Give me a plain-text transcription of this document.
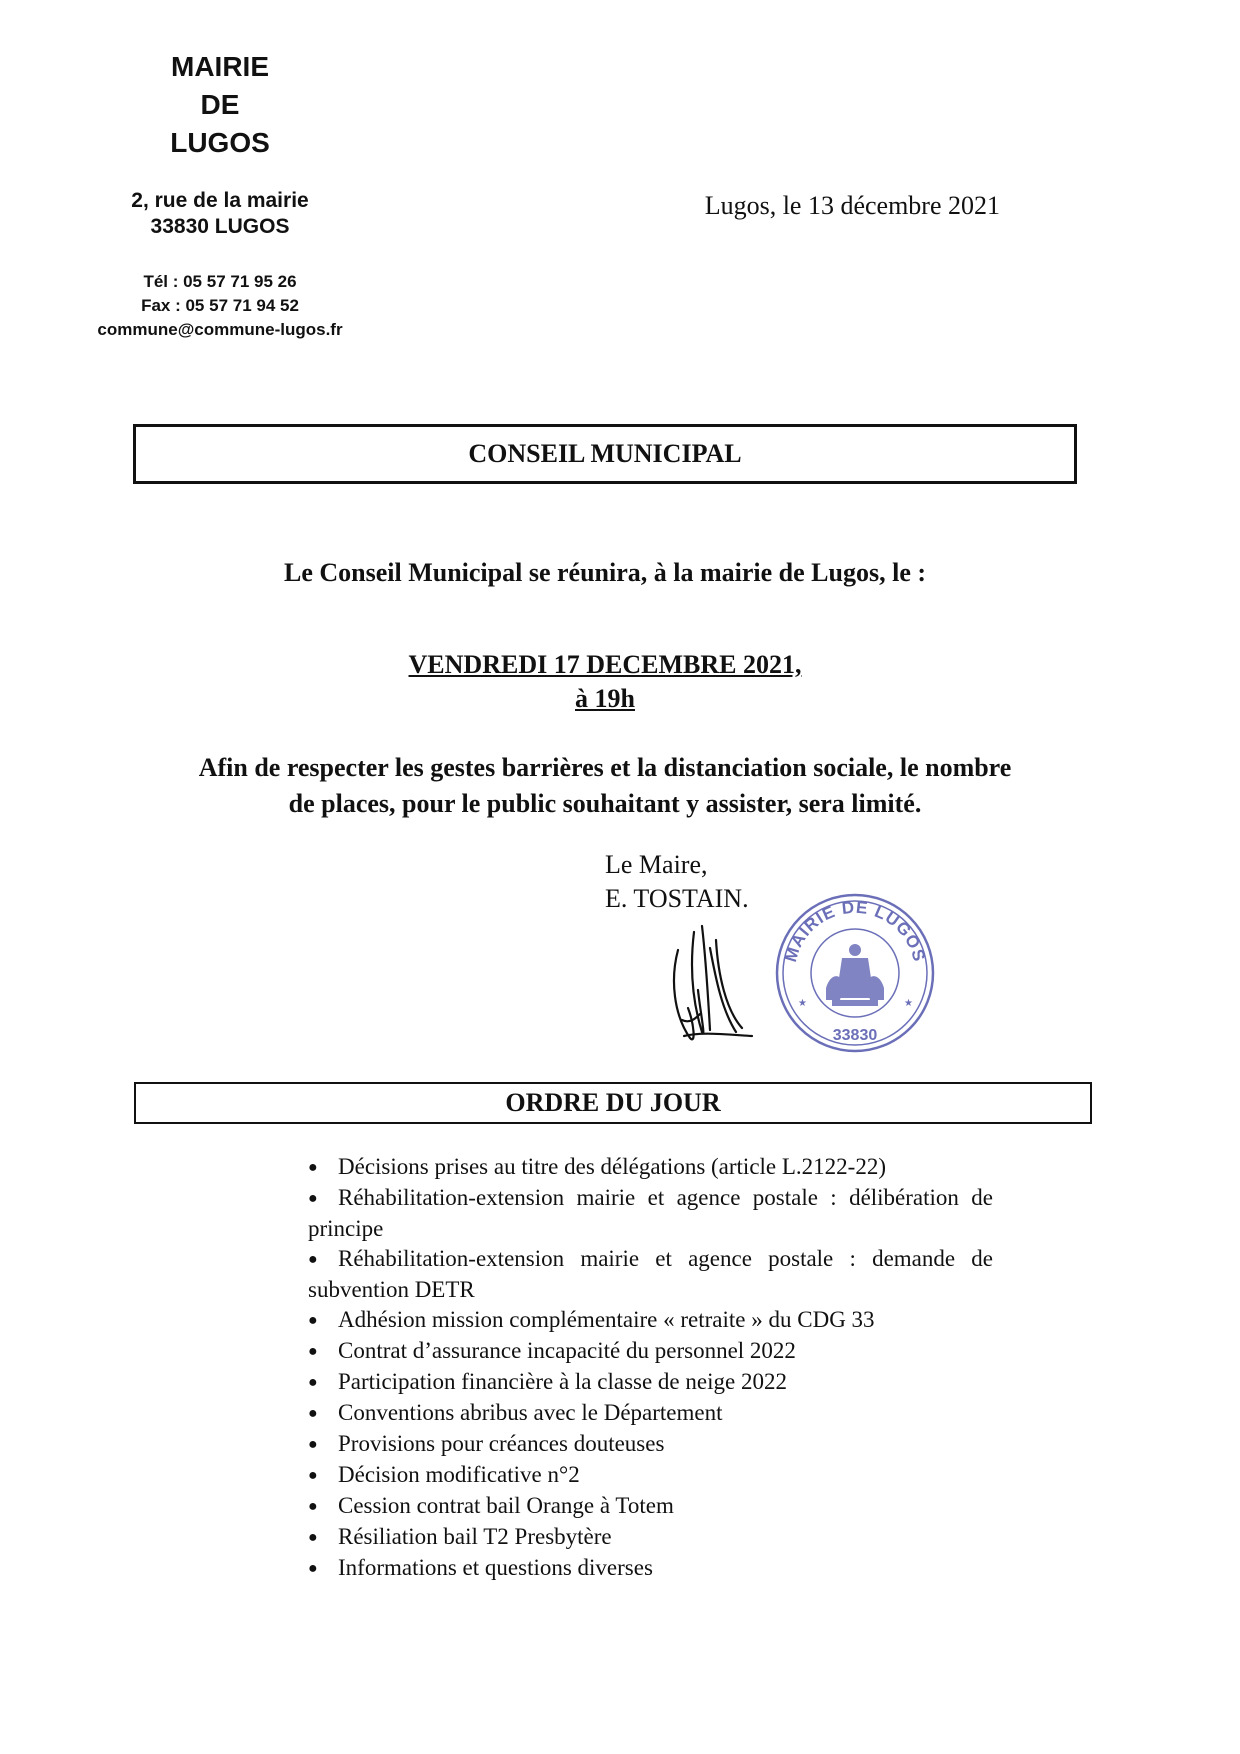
MAIRIE
DE
LUGOS
2, rue de la mairie
33830 LUGOS
Tél : 05 57 71 95 26
Fax : 05 57 71 94 52
commune@commune-lugos.fr
Lugos, le 13 décembre 2021
CONSEIL MUNICIPAL
Le Conseil Municipal se réunira, à la mairie de Lugos, le :
VENDREDI 17 DECEMBRE 2021,
à 19h
Afin de respecter les gestes barrières et la distanciation sociale, le nombre
de places, pour le public souhaitant y assister, sera limité.
Le Maire,
E. TOSTAIN.
MAIRIE DE LUGOS
33830
★	★
ORDRE DU JOUR
● Décisions prises au titre des délégations (article L.2122-22)
● Réhabilitation-extension mairie et agence postale : délibération de principe
● Réhabilitation-extension mairie et agence postale : demande de subvention DETR
● Adhésion mission complémentaire « retraite » du CDG 33
● Contrat d’assurance incapacité du personnel 2022
● Participation financière à la classe de neige 2022
● Conventions abribus avec le Département
● Provisions pour créances douteuses
● Décision modificative n°2
● Cession contrat bail Orange à Totem
● Résiliation bail T2 Presbytère
● Informations et questions diverses
